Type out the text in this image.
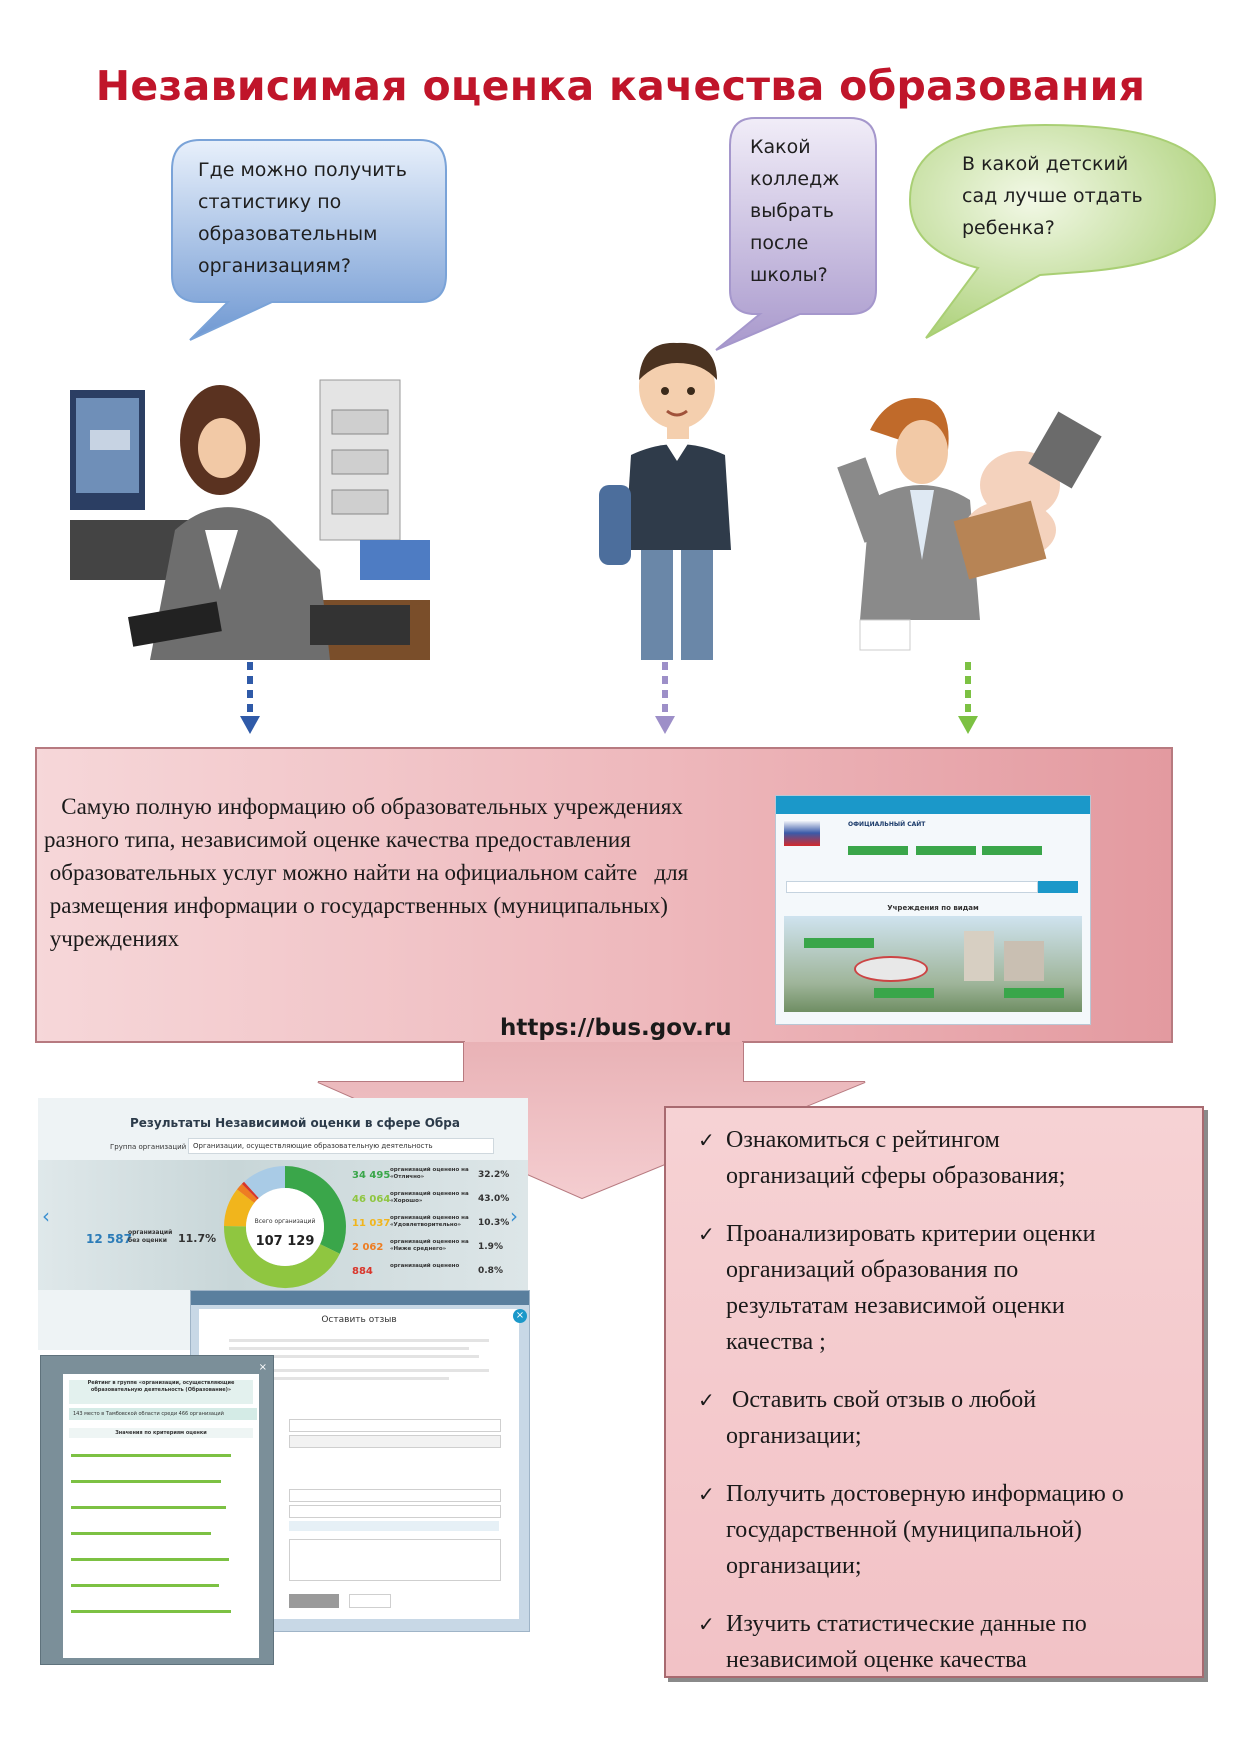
Независимая оценка качества образования
Где можно получить
статистику по
образовательным
организациям?
Какой
колледж
выбрать
после
школы?
В какой детский
сад лучше отдать
ребенка?
Самую полную информацию об образовательных учреждениях
разного типа, независимой оценке качества предоставления
образовательных услуг можно найти на официальном сайте   для
размещения информации о государственных (муниципальных)
учреждениях
https://bus.gov.ru
ОФИЦИАЛЬНЫЙ САЙТ
Учреждения по видам
Результаты Независимой оценки в сфере Обра
Группа организаций Организации, осуществляющие образовательную деятельность
‹	›
12 587
организаций без оценки	11.7%
Всего организаций
107 129
34 495 организаций оценено на «Отлично»	32.2%
46 064 организаций оценено на «Хорошо»	43.0%
11 037 организаций оценено на «Удовлетворительно»	10.3%
2 062 организаций оценено на «Ниже среднего»	1.9%
884	организаций оценено	0.8%
Оставить отзыв	×
Рейтинг в группе «организации, осуществляющие образовательную деятельность (Образование)»
143 место в Тамбовской области среди 466 организаций
Значения по критериям оценки
×
✓ Ознакомиться с рейтингом
организаций сферы образования;
✓ Проанализировать критерии оценки
организаций образования по
результатам независимой оценки
качества ;
✓ Оставить свой отзыв о любой
организации;
✓ Получить достоверную информацию о
государственной (муниципальной)
организации;
✓ Изучить статистические данные по
независимой оценке качества
